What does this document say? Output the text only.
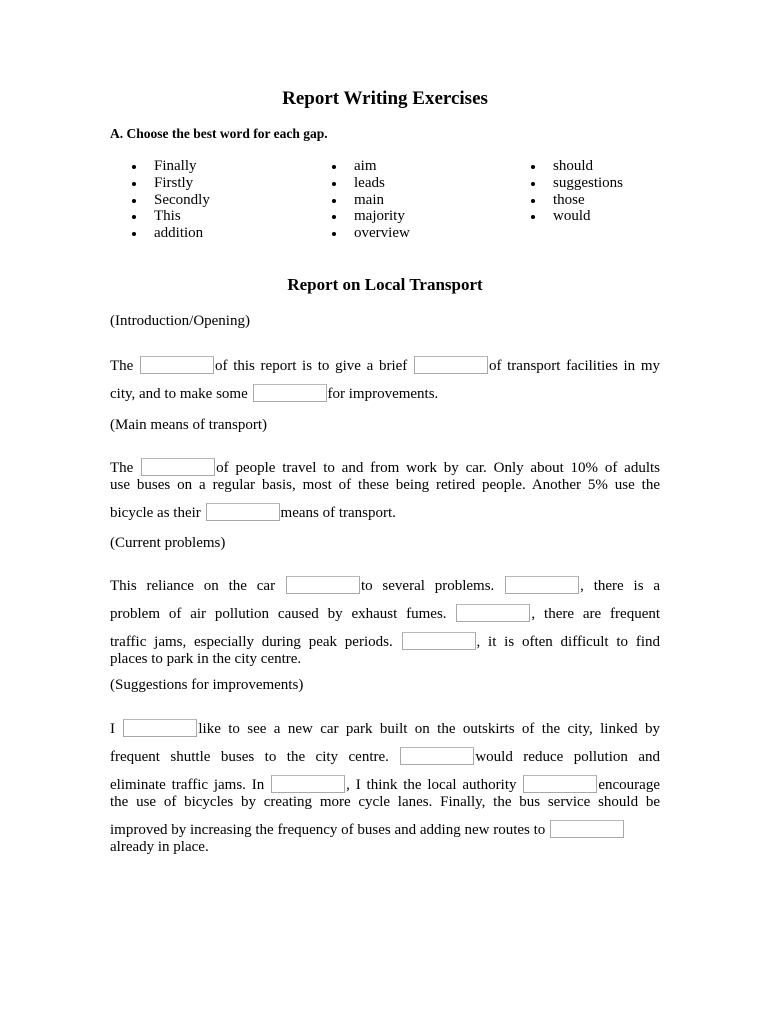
Report Writing Exercises
A. Choose the best word for each gap.
Finally
Firstly
Secondly
This
addition
aim
leads
main
majority
overview
should
suggestions
those
would
Report on Local Transport
(Introduction/Opening)
The	of this report is to give a brief	of transport facilities in my
city, and to make some	for improvements.
(Main means of transport)
The	of people travel to and from work by car. Only about 10% of adults
use buses on a regular basis, most of these being retired people. Another 5% use the
bicycle as their	means of transport.
(Current problems)
This reliance on the car	to several problems.	, there is a
problem of air pollution caused by exhaust fumes.	, there are frequent
traffic jams, especially during peak periods.	, it is often difficult to find
places to park in the city centre.
(Suggestions for improvements)
I	like to see a new car park built on the outskirts of the city, linked by
frequent shuttle buses to the city centre.	would reduce pollution and
eliminate traffic jams. In	, I think the local authority	encourage
the use of bicycles by creating more cycle lanes. Finally, the bus service should be
improved by increasing the frequency of buses and adding new routes to
already in place.
